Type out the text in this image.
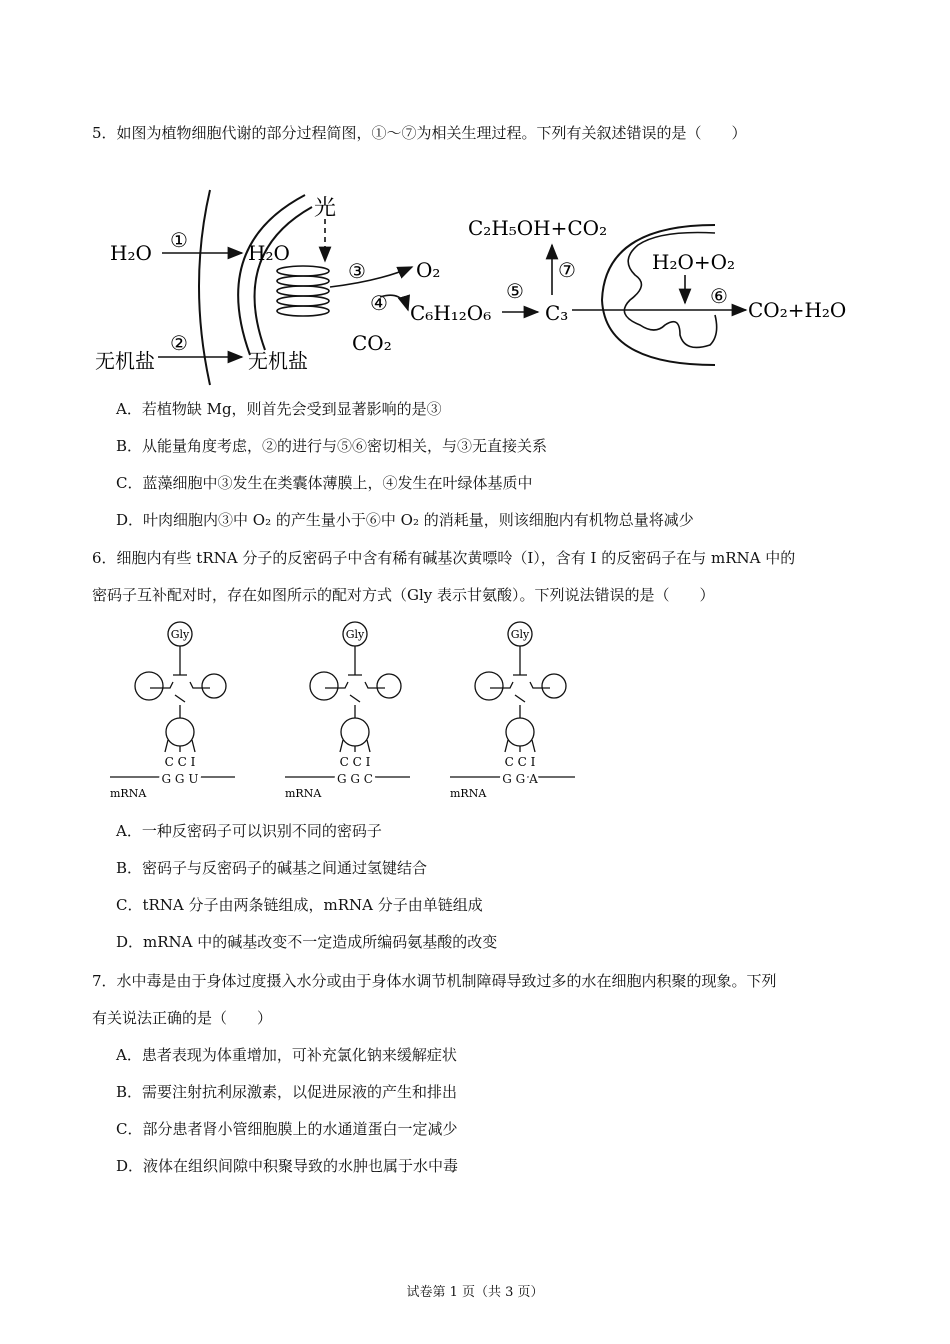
5．如图为植物细胞代谢的部分过程简图，①～⑦为相关生理过程。下列有关叙述错误的是（　　）
H₂O
①
H₂O
光
③	O₂
④
CO₂
C₆H₁₂O₆
⑤
C₃
⑦
C₂H₅OH+CO₂
H₂O+O₂
⑥
CO₂+H₂O
无机盐
②
无机盐
A．若植物缺 Mg，则首先会受到显著影响的是③
B．从能量角度考虑，②的进行与⑤⑥密切相关，与③无直接关系
C．蓝藻细胞中③发生在类囊体薄膜上，④发生在叶绿体基质中
D．叶肉细胞内③中 O₂ 的产生量小于⑥中 O₂ 的消耗量，则该细胞内有机物总量将减少
6．细胞内有些 tRNA 分子的反密码子中含有稀有碱基次黄嘌呤（I），含有 I 的反密码子在与 mRNA 中的
密码子互补配对时，存在如图所示的配对方式（Gly 表示甘氨酸）。下列说法错误的是（　　）
Gly
C C I
G G U
mRNA
Gly
C C I
G G C
mRNA
Gly
C C I
G G A
mRNA
A．一种反密码子可以识别不同的密码子
B．密码子与反密码子的碱基之间通过氢键结合
C．tRNA 分子由两条链组成，mRNA 分子由单链组成
D．mRNA 中的碱基改变不一定造成所编码氨基酸的改变
7．水中毒是由于身体过度摄入水分或由于身体水调节机制障碍导致过多的水在细胞内积聚的现象。下列
有关说法正确的是（　　）
A．患者表现为体重增加，可补充氯化钠来缓解症状
B．需要注射抗利尿激素，以促进尿液的产生和排出
C．部分患者肾小管细胞膜上的水通道蛋白一定减少
D．液体在组织间隙中积聚导致的水肿也属于水中毒
试卷第 1 页（共 3 页）
